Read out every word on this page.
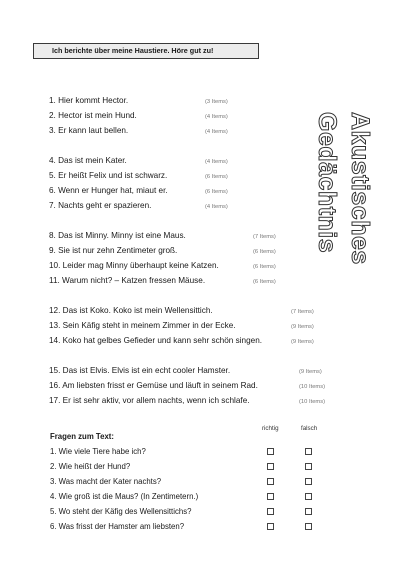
Ich berichte über meine Haustiere. Höre gut zu!
Akustisches
Gedächtnis
1. Hier kommt Hector.	(3 Items)
2. Hector ist mein Hund.	(4 Items)
3. Er kann laut bellen.	(4 Items)
4. Das ist mein Kater.	(4 Items)
5. Er heißt Felix und ist schwarz.	(6 Items)
6. Wenn er Hunger hat, miaut er.	(6 Items)
7. Nachts geht er spazieren.	(4 Items)
8. Das ist Minny. Minny ist eine Maus.	(7 Items)
9. Sie ist nur zehn Zentimeter groß.	(6 Items)
10. Leider mag Minny überhaupt keine Katzen.	(6 Items)
11. Warum nicht? – Katzen fressen Mäuse.	(6 Items)
12. Das ist Koko. Koko ist mein Wellensittich.	(7 Items)
13. Sein Käfig steht in meinem Zimmer in der Ecke.	(9 Items)
14. Koko hat gelbes Gefieder und kann sehr schön singen.	(9 Items)
15. Das ist Elvis. Elvis ist ein echt cooler Hamster.	(9 Items)
16. Am liebsten frisst er Gemüse und läuft in seinem Rad.	(10 Items)
17. Er ist sehr aktiv, vor allem nachts, wenn ich schlafe.	(10 Items)
Fragen zum Text:
richtig	falsch
1. Wie viele Tiere habe ich?
2. Wie heißt der Hund?
3. Was macht der Kater nachts?
4. Wie groß ist die Maus? (In Zentimetern.)
5. Wo steht der Käfig des Wellensittichs?
6. Was frisst der Hamster am liebsten?
